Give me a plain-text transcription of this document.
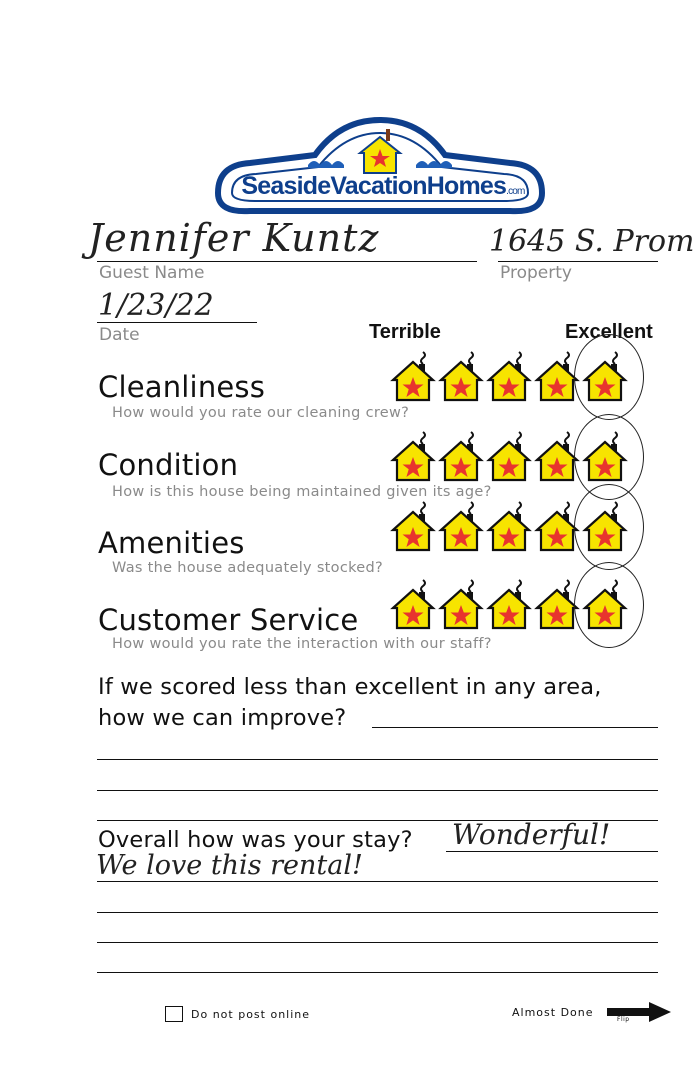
SeasideVacationHomes.com
Jennifer Kuntz
Guest Name
1645 S. Prom
Property
1/23/22
Date	Terrible	Excellent
Cleanliness
How would you rate our cleaning crew?
Condition
How is this house being maintained given its age?
Amenities
Was the house adequately stocked?
Customer Service
How would you rate the interaction with our staff?
If we scored less than excellent in any area,
how we can improve?
Overall how was your stay? Wonderful!
We love this rental!
Do not post online	Almost Done
Flip
